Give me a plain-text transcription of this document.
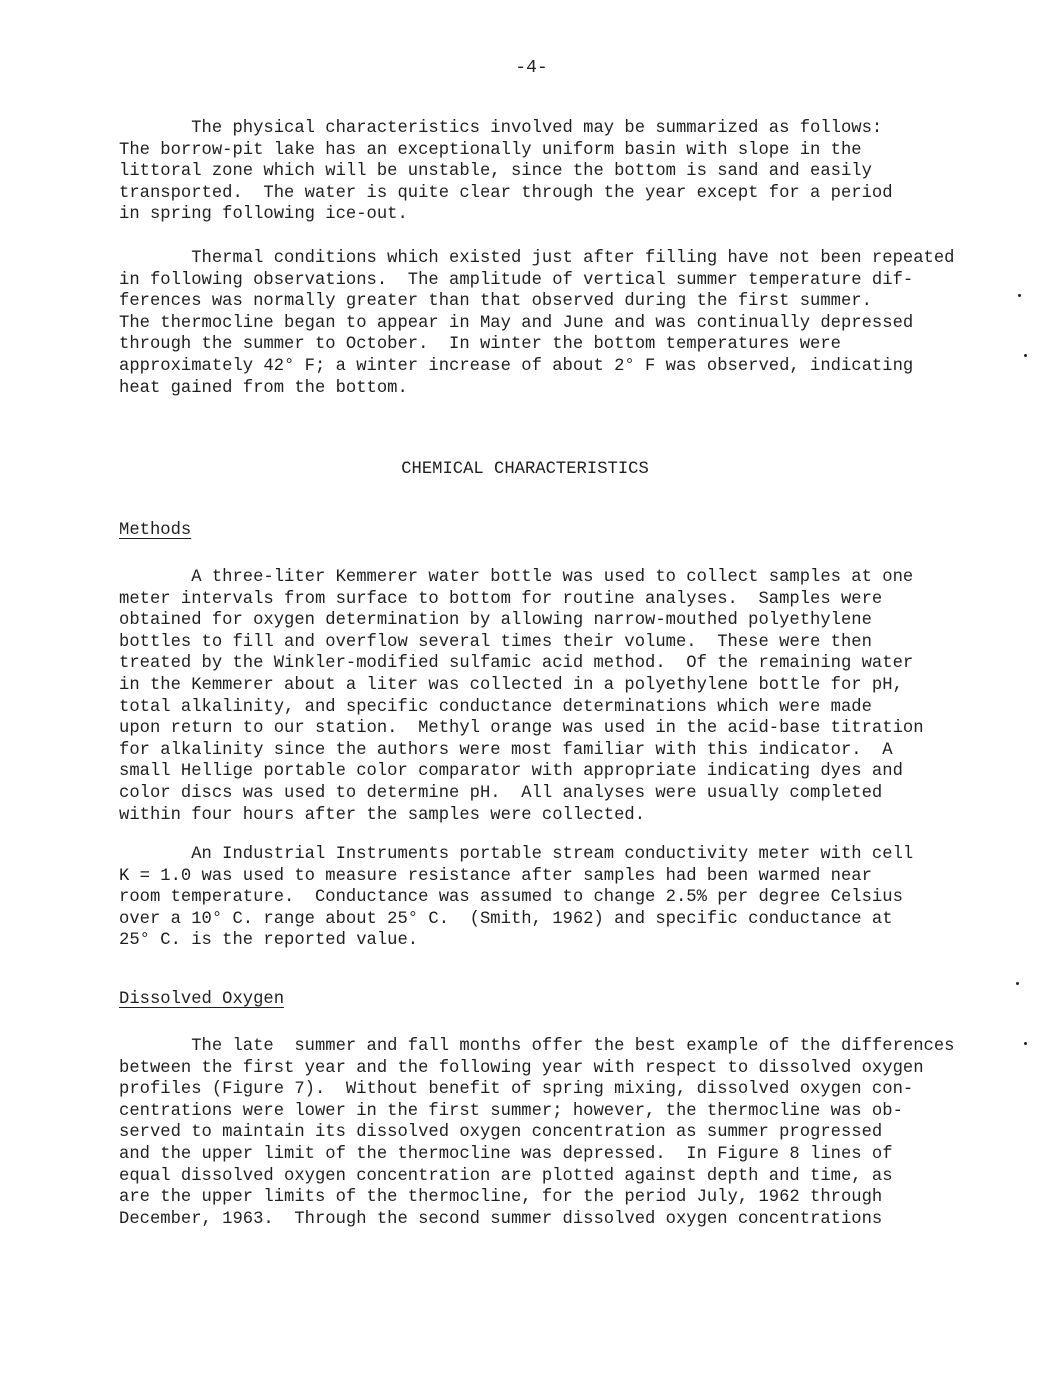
-4-
The physical characteristics involved may be summarized as follows:
The borrow-pit lake has an exceptionally uniform basin with slope in the
littoral zone which will be unstable, since the bottom is sand and easily
transported.  The water is quite clear through the year except for a period
in spring following ice-out.
Thermal conditions which existed just after filling have not been repeated
in following observations.  The amplitude of vertical summer temperature dif-
ferences was normally greater than that observed during the first summer.
The thermocline began to appear in May and June and was continually depressed
through the summer to October.  In winter the bottom temperatures were
approximately 42° F; a winter increase of about 2° F was observed, indicating
heat gained from the bottom.
CHEMICAL CHARACTERISTICS
Methods
A three-liter Kemmerer water bottle was used to collect samples at one
meter intervals from surface to bottom for routine analyses.  Samples were
obtained for oxygen determination by allowing narrow-mouthed polyethylene
bottles to fill and overflow several times their volume.  These were then
treated by the Winkler-modified sulfamic acid method.  Of the remaining water
in the Kemmerer about a liter was collected in a polyethylene bottle for pH,
total alkalinity, and specific conductance determinations which were made
upon return to our station.  Methyl orange was used in the acid-base titration
for alkalinity since the authors were most familiar with this indicator.  A
small Hellige portable color comparator with appropriate indicating dyes and
color discs was used to determine pH.  All analyses were usually completed
within four hours after the samples were collected.
An Industrial Instruments portable stream conductivity meter with cell
K = 1.0 was used to measure resistance after samples had been warmed near
room temperature.  Conductance was assumed to change 2.5% per degree Celsius
over a 10° C. range about 25° C.  (Smith, 1962) and specific conductance at
25° C. is the reported value.
Dissolved Oxygen
The late  summer and fall months offer the best example of the differences
between the first year and the following year with respect to dissolved oxygen
profiles (Figure 7).  Without benefit of spring mixing, dissolved oxygen con-
centrations were lower in the first summer; however, the thermocline was ob-
served to maintain its dissolved oxygen concentration as summer progressed
and the upper limit of the thermocline was depressed.  In Figure 8 lines of
equal dissolved oxygen concentration are plotted against depth and time, as
are the upper limits of the thermocline, for the period July, 1962 through
December, 1963.  Through the second summer dissolved oxygen concentrations
